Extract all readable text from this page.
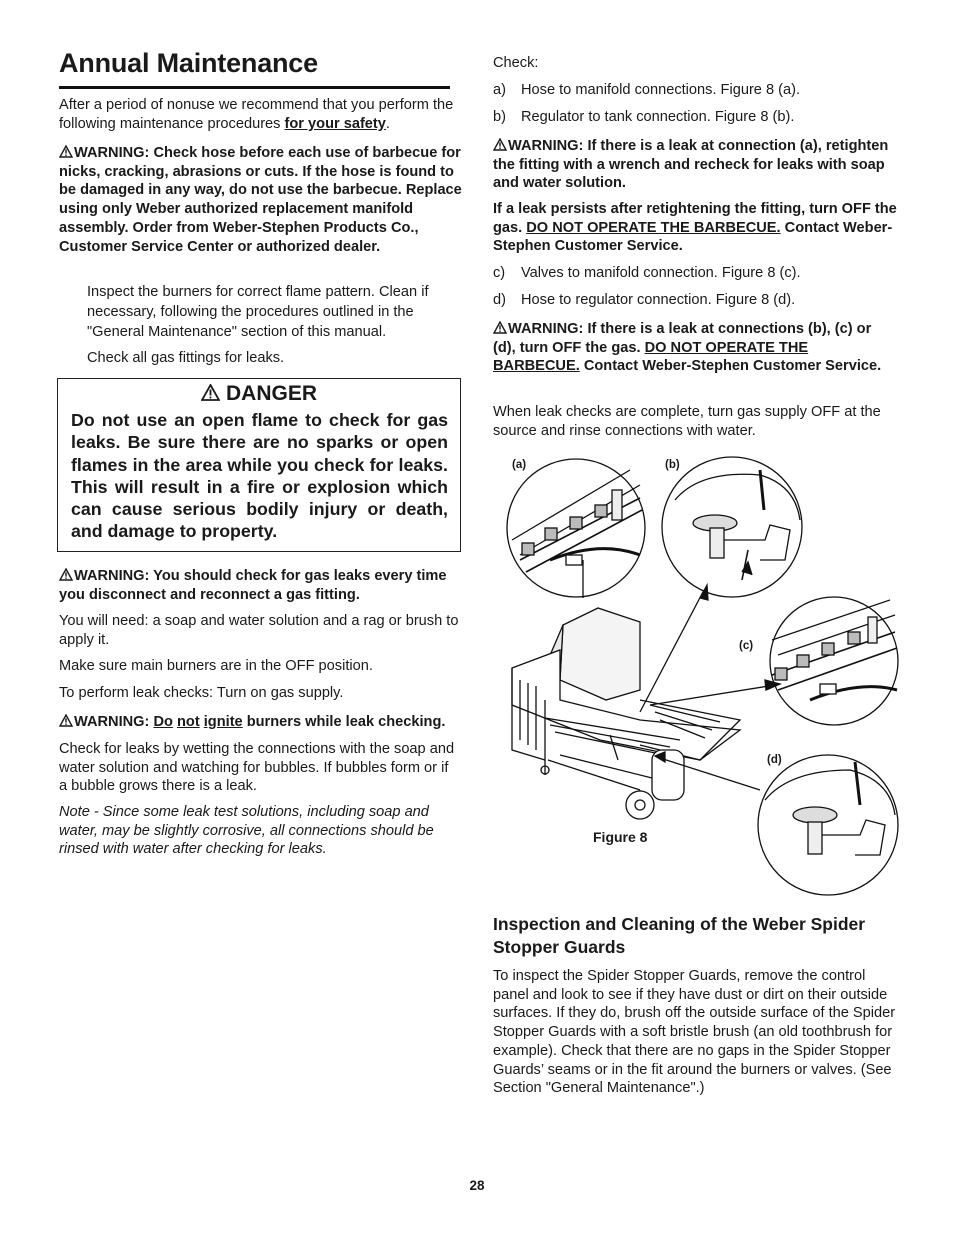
Annual Maintenance

After a period of nonuse we recommend that you perform the following maintenance procedures for your safety.

WARNING: Check hose before each use of barbecue for nicks, cracking, abrasions or cuts. If the hose is found to be damaged in any way, do not use the barbecue. Replace using only Weber authorized replacement manifold assembly. Order from Weber-Stephen Products Co., Customer Service Center or authorized dealer.

Inspect the burners for correct flame pattern. Clean if necessary, following the procedures outlined in the "General Maintenance" section of this manual.

Check all gas fittings for leaks.

DANGER

Do not use an open flame to check for gas leaks. Be sure there are no sparks or open flames in the area while you check for leaks. This will result in a fire or explosion which can cause serious bodily injury or death, and damage to property.

WARNING: You should check for gas leaks every time you disconnect and reconnect a gas fitting.

You will need: a soap and water solution and a rag or brush to apply it.

Make sure main burners are in the OFF position.

To perform leak checks: Turn on gas supply.

WARNING: Do not ignite burners while leak checking.

Check for leaks by wetting the connections with the soap and water solution and watching for bubbles. If bubbles form or if a bubble grows there is a leak.

Note - Since some leak test solutions, including soap and water, may be slightly corrosive, all connections should be rinsed with water after checking for leaks.

Check:

a)	Hose to manifold connections. Figure 8 (a).
b)	Regulator to tank connection. Figure 8 (b).

WARNING: If there is a leak at connection (a), retighten the fitting with a wrench and recheck for leaks with soap and water solution.

If a leak persists after retightening the fitting, turn OFF the gas. DO NOT OPERATE THE BARBECUE. Contact Weber-Stephen Customer Service.

c)	Valves to manifold connection. Figure 8 (c).
d)	Hose to regulator connection. Figure 8 (d).

WARNING: If there is a leak at connections (b), (c) or (d), turn OFF the gas. DO NOT OPERATE THE BARBECUE. Contact Weber-Stephen Customer Service.

When leak checks are complete, turn gas supply OFF at the source and rinse connections with water.

(a)	(b)
(c)
(d)
Figure 8

Inspection and Cleaning of the Weber Spider Stopper Guards

To inspect the Spider Stopper Guards, remove the control panel and look to see if they have dust or dirt on their outside surfaces. If they do, brush off the outside surface of the Spider Stopper Guards with a soft bristle brush (an old toothbrush for example). Check that there are no gaps in the Spider Stopper Guards’ seams or in the fit around the burners or valves. (See Section "General Maintenance".)

28
